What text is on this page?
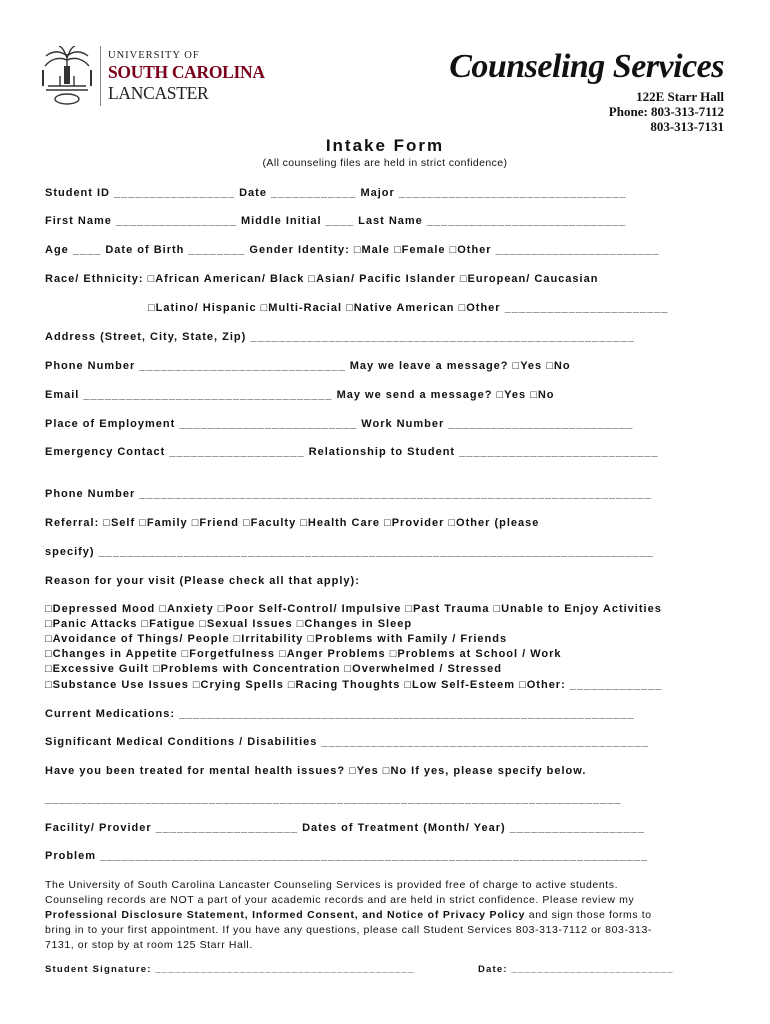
UNIVERSITY OF
SOUTH CAROLINA
LANCASTER
Counseling Services
122E Starr Hall
Phone: 803-313-7112
803-313-7131
Intake Form
(All counseling files are held in strict confidence)
Student ID _________________ Date ____________ Major ________________________________
First Name _________________ Middle Initial ____ Last Name ____________________________
Age ____ Date of Birth ________ Gender Identity: □Male □Female □Other _______________________
Race/ Ethnicity: □African American/ Black □Asian/ Pacific Islander □European/ Caucasian
□Latino/ Hispanic □Multi-Racial □Native American □Other _______________________
Address (Street, City, State, Zip) ______________________________________________________
Phone Number _____________________________ May we leave a message? □Yes □No
Email ___________________________________ May we send a message? □Yes □No
Place of Employment _________________________ Work Number __________________________
Emergency Contact ___________________ Relationship to Student ____________________________
Phone Number ________________________________________________________________________
Referral: □Self □Family □Friend □Faculty □Health Care □Provider □Other (please
specify) ______________________________________________________________________________
Reason for your visit (Please check all that apply):
□Depressed Mood □Anxiety □Poor Self-Control/ Impulsive □Past Trauma □Unable to Enjoy Activities
□Panic Attacks □Fatigue □Sexual Issues □Changes in Sleep
□Avoidance of Things/ People □Irritability □Problems with Family / Friends
□Changes in Appetite □Forgetfulness □Anger Problems □Problems at School / Work
□Excessive Guilt □Problems with Concentration □Overwhelmed / Stressed
□Substance Use Issues □Crying Spells □Racing Thoughts □Low Self-Esteem □Other: _____________
Current Medications: ________________________________________________________________
Significant Medical Conditions / Disabilities ______________________________________________
Have you been treated for mental health issues? □Yes □No If yes, please specify below.
_________________________________________________________________________________
Facility/ Provider ____________________ Dates of Treatment (Month/ Year) ___________________
Problem _____________________________________________________________________________
The University of South Carolina Lancaster Counseling Services is provided free of charge to active students.
Counseling records are NOT a part of your academic records and are held in strict confidence. Please review my
Professional Disclosure Statement, Informed Consent, and Notice of Privacy Policy and sign those forms to
bring in to your first appointment. If you have any questions, please call Student Services 803-313-7112 or 803-313-
7131, or stop by at room 125 Starr Hall.
Student Signature: ________________________________________	Date: _________________________
